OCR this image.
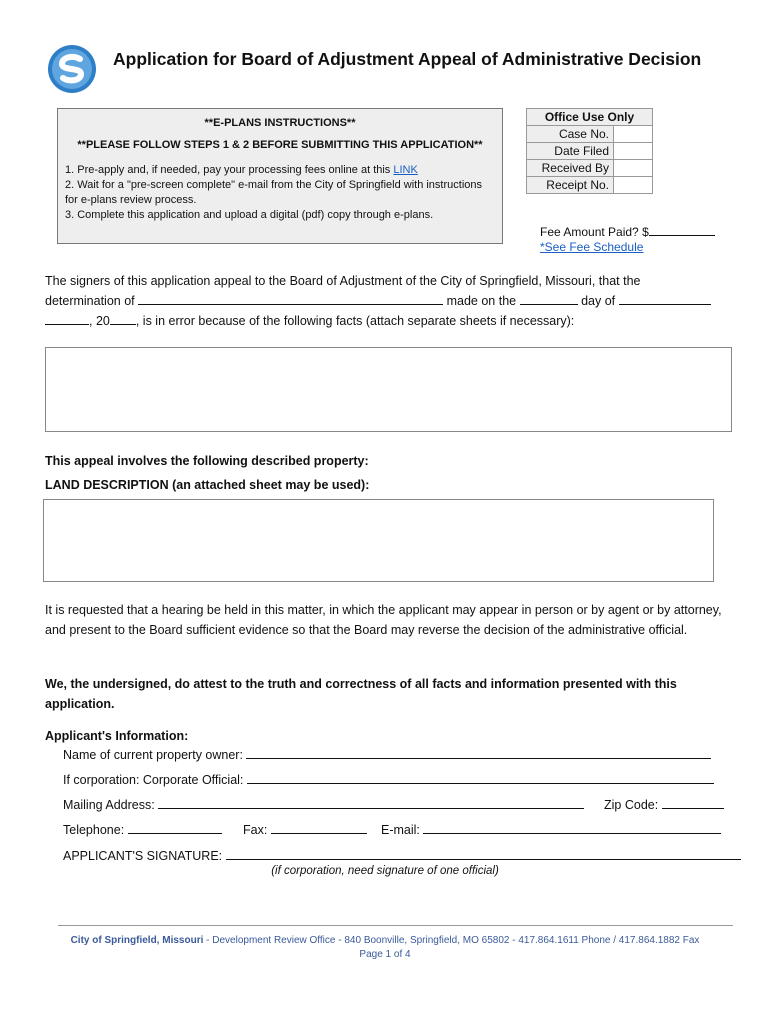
Application for Board of Adjustment Appeal of Administrative Decision
**E-PLANS INSTRUCTIONS**
**PLEASE FOLLOW STEPS 1 & 2 BEFORE SUBMITTING THIS APPLICATION**
1. Pre-apply and, if needed, pay your processing fees online at this LINK
2. Wait for a "pre-screen complete" e-mail from the City of Springfield with instructions for e-plans review process.
3. Complete this application and upload a digital (pdf) copy through e-plans.
Office Use Only	
Case No.	
Date Filed	
Received By	
Receipt No.	
Fee Amount Paid? $
*See Fee Schedule
The signers of this application appeal to the Board of Adjustment of the City of Springfield, Missouri, that the
determination of	made on the	day of
, 20 , is in error because of the following facts (attach separate sheets if necessary):
This appeal involves the following described property:
LAND DESCRIPTION (an attached sheet may be used):
It is requested that a hearing be held in this matter, in which the applicant may appear in person or by agent or by attorney, and present to the Board sufficient evidence so that the Board may reverse the decision of the administrative official.
We, the undersigned, do attest to the truth and correctness of all facts and information presented with this application.
Applicant's Information:
Name of current property owner:
If corporation: Corporate Official:
Mailing Address:	Zip Code:
Telephone:	Fax:	E-mail:
APPLICANT'S SIGNATURE:
(if corporation, need signature of one official)
City of Springfield, Missouri - Development Review Office - 840 Boonville, Springfield, MO 65802 - 417.864.1611 Phone / 417.864.1882 Fax
Page 1 of 4
